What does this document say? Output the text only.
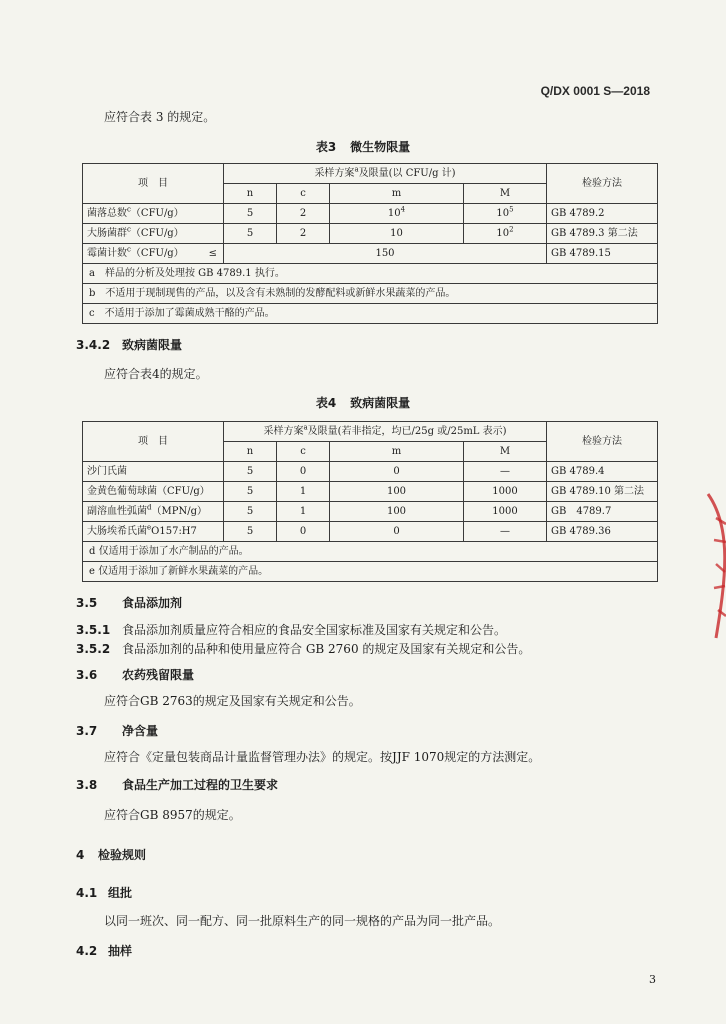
Q/DX 0001 S—2018
应符合表 3 的规定。
表3 微生物限量
项　目	采样方案$^a$及限量(以 CFU/g 计)				检验方法
	n	c	m	M	
菌落总数$^c$（CFU/g）	5	2	$10^4$	$10^5$	GB 4789.2
大肠菌群$^c$（CFU/g）	5	2	10	$10^2$	GB 4789.3 第二法
霉菌计数$^c$（CFU/g） ≤	150				GB 4789.15
a　样品的分析及处理按 GB 4789.1 执行。					
b　不适用于现制现售的产品，以及含有未熟制的发酵配料或新鲜水果蔬菜的产品。					
c　不适用于添加了霉菌成熟干酪的产品。					
3.4.2 致病菌限量
应符合表4的规定。
表4 致病菌限量
项　目	采样方案$^a$及限量(若非指定，均已/25g 或/25mL 表示)				检验方法
	n	c	m	M	
沙门氏菌	5	0	0	—	GB 4789.4
金黄色葡萄球菌（CFU/g）	5	1	100	1000	GB 4789.10 第二法
副溶血性弧菌$^d$（MPN/g）	5	1	100	1000	GB　4789.7
大肠埃希氏菌$^e$O157:H7	5	0	0	—	GB 4789.36
d 仅适用于添加了水产制品的产品。					
e 仅适用于添加了新鲜水果蔬菜的产品。					
3.5 食品添加剂
3.5.1 食品添加剂质量应符合相应的食品安全国家标准及国家有关规定和公告。
3.5.2 食品添加剂的品种和使用量应符合 GB 2760 的规定及国家有关规定和公告。
3.6 农药残留限量
应符合GB 2763的规定及国家有关规定和公告。
3.7 净含量
应符合《定量包装商品计量监督管理办法》的规定。按JJF 1070规定的方法测定。
3.8 食品生产加工过程的卫生要求
应符合GB 8957的规定。
4 检验规则
4.1 组批
以同一班次、同一配方、同一批原料生产的同一规格的产品为同一批产品。
4.2 抽样
3
